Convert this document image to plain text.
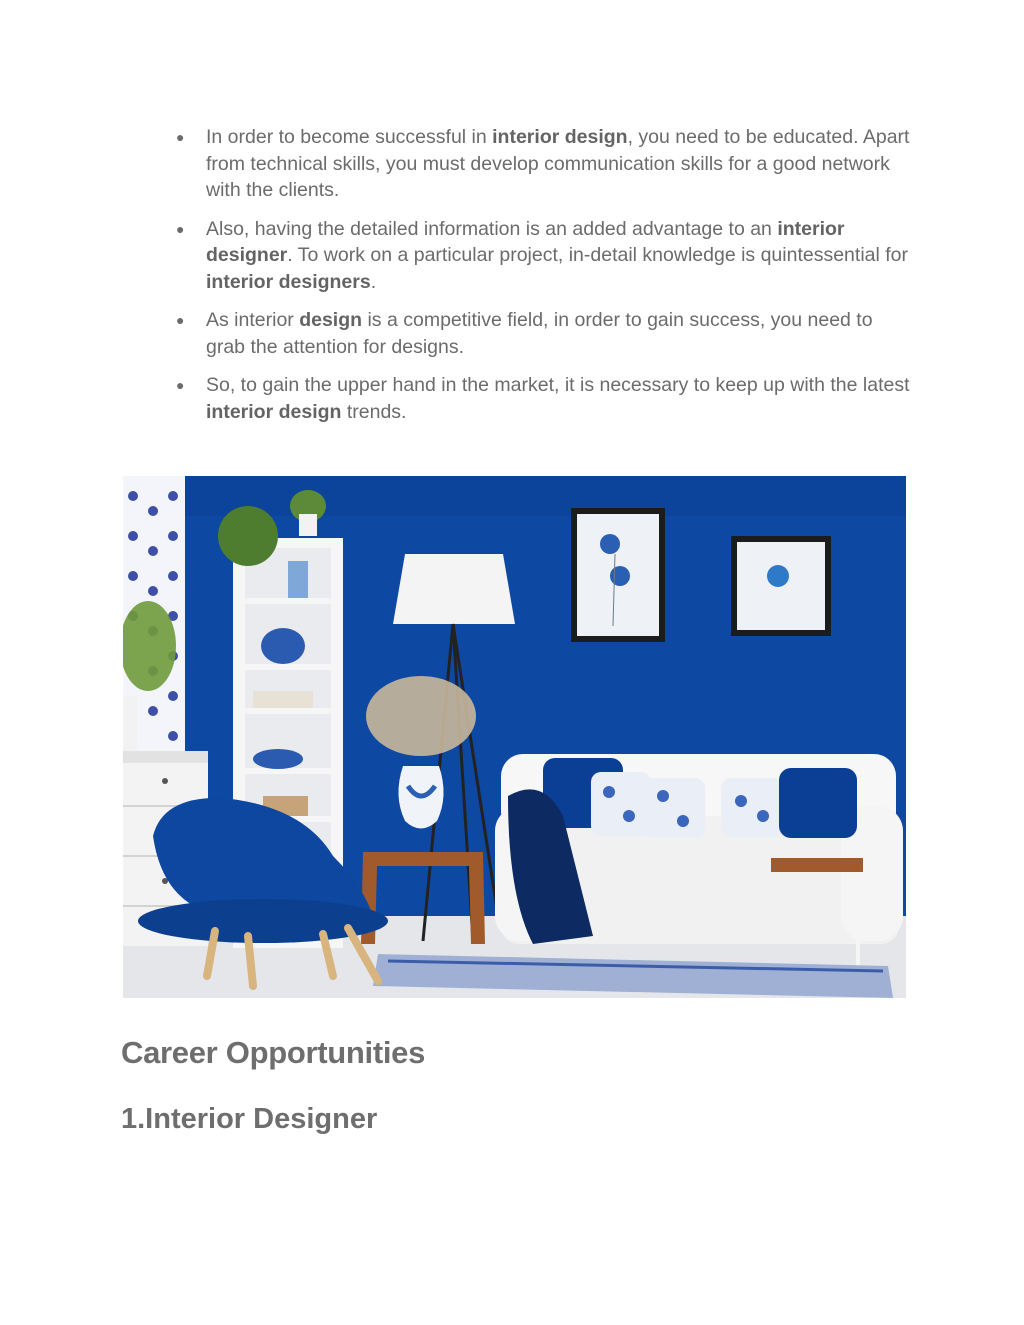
● In order to become successful in interior design, you need to be educated. Apart from technical skills, you must develop communication skills for a good network with the clients.
● Also, having the detailed information is an added advantage to an interior designer. To work on a particular project, in-detail knowledge is quintessential for interior designers.
● As interior design is a competitive field, in order to gain success, you need to grab the attention for designs.
● So, to gain the upper hand in the market, it is necessary to keep up with the latest interior design trends.
Career Opportunities
1.Interior Designer
